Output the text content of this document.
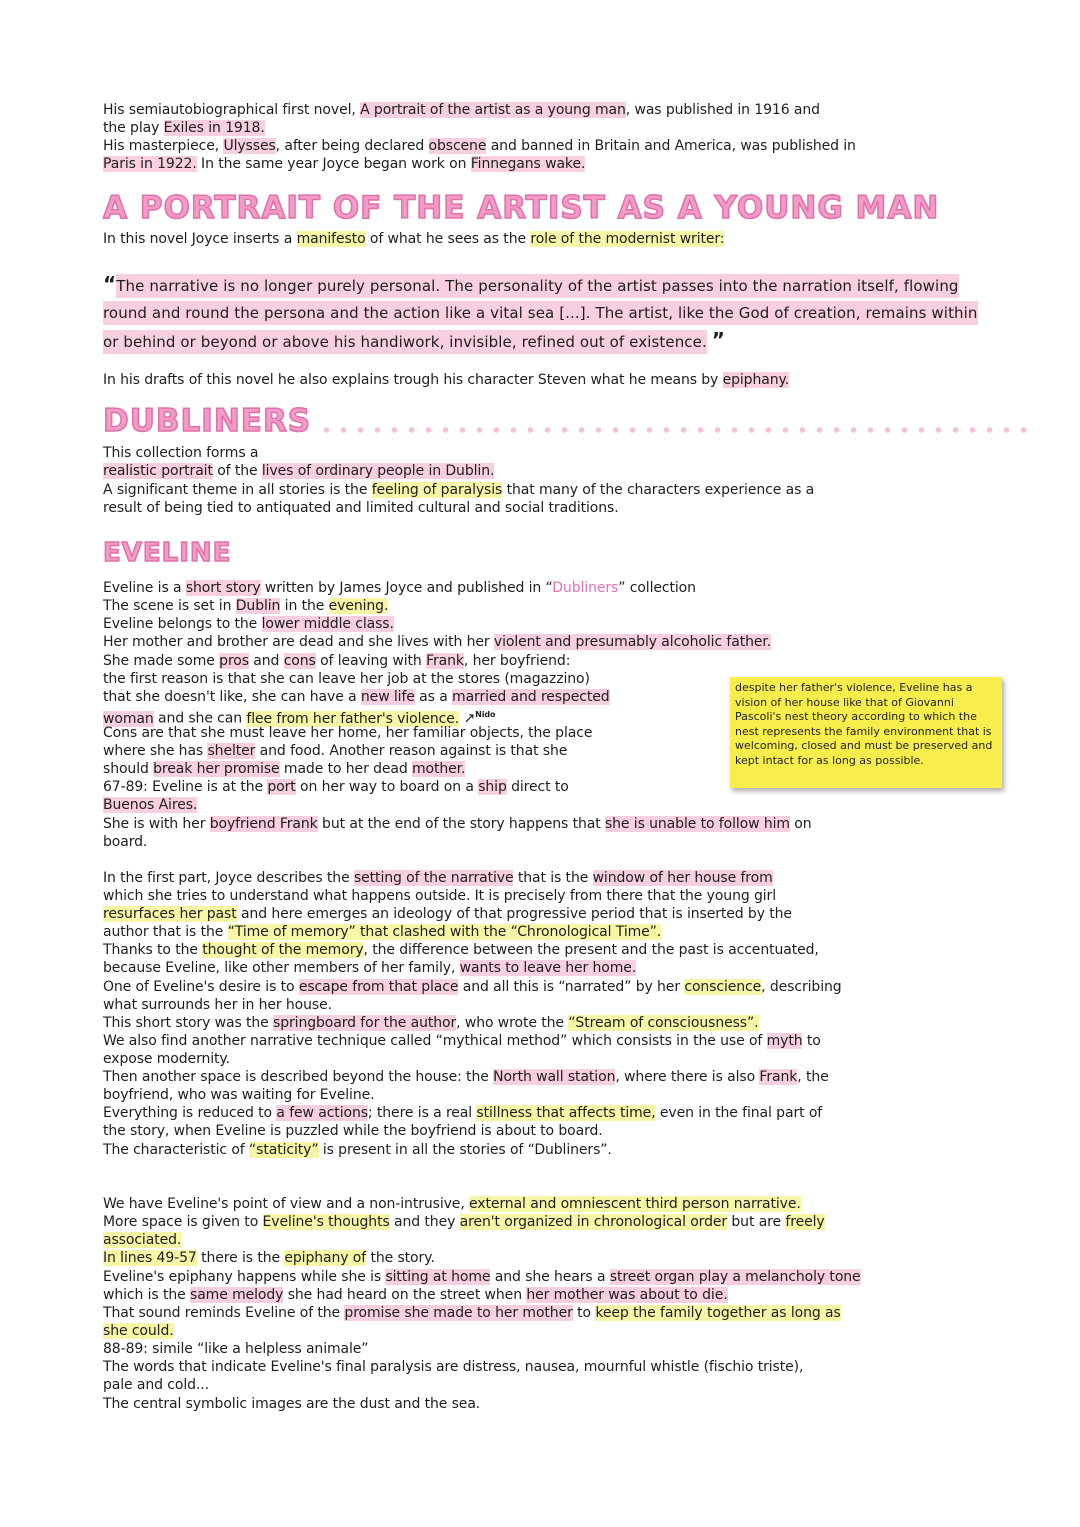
His semiautobiographical first novel, A portrait of the artist as a young man, was published in 1916 and

the play Exiles in 1918.

His masterpiece, Ulysses, after being declared obscene and banned in Britain and America, was published in

Paris in 1922. In the same year Joyce began work on Finnegans wake.

A PORTRAIT OF THE ARTIST AS A YOUNG MAN

In this novel Joyce inserts a manifesto of what he sees as the role of the modernist writer:

“The narrative is no longer purely personal. The personality of the artist passes into the narration itself, flowing round and round the persona and the action like a vital sea [...]. The artist, like the God of creation, remains within or behind or beyond or above his handiwork, invisible, refined out of existence. ”

In his drafts of this novel he also explains trough his character Steven what he means by epiphany.

DUBLINERS

This collection forms a

realistic portrait of the lives of ordinary people in Dublin.

A significant theme in all stories is the feeling of paralysis that many of the characters experience as a

result of being tied to antiquated and limited cultural and social traditions.

EVELINE

Eveline is a short story written by James Joyce and published in “Dubliners” collection

The scene is set in Dublin in the evening.

Eveline belongs to the lower middle class.

Her mother and brother are dead and she lives with her violent and presumably alcoholic father.

She made some pros and cons of leaving with Frank, her boyfriend:

the first reason is that she can leave her job at the stores (magazzino)

that she doesn't like, she can have a new life as a married and respected

woman and she can flee from her father's violence. ↗$^{Nido}$

Cons are that she must leave her home, her familiar objects, the place

where she has shelter and food. Another reason against is that she

should break her promise made to her dead mother.

67-89: Eveline is at the port on her way to board on a ship direct to

Buenos Aires.

She is with her boyfriend Frank but at the end of the story happens that she is unable to follow him on

board.

despite her father's violence, Eveline has a vision of her house like that of Giovanni Pascoli's nest theory according to which the nest represents the family environment that is welcoming, closed and must be preserved and kept intact for as long as possible.

In the first part, Joyce describes the setting of the narrative that is the window of her house from

which she tries to understand what happens outside. It is precisely from there that the young girl

resurfaces her past and here emerges an ideology of that progressive period that is inserted by the

author that is the “Time of memory” that clashed with the “Chronological Time”.

Thanks to the thought of the memory, the difference between the present and the past is accentuated,

because Eveline, like other members of her family, wants to leave her home.

One of Eveline's desire is to escape from that place and all this is “narrated” by her conscience, describing

what surrounds her in her house.

This short story was the springboard for the author, who wrote the “Stream of consciousness”.

We also find another narrative technique called “mythical method” which consists in the use of myth to

expose modernity.

Then another space is described beyond the house: the North wall station, where there is also Frank, the

boyfriend, who was waiting for Eveline.

Everything is reduced to a few actions; there is a real stillness that affects time, even in the final part of

the story, when Eveline is puzzled while the boyfriend is about to board.

The characteristic of “staticity” is present in all the stories of “Dubliners”.

We have Eveline's point of view and a non-intrusive, external and omniescent third person narrative.

More space is given to Eveline's thoughts and they aren't organized in chronological order but are freely

associated.

In lines 49-57 there is the epiphany of the story.

Eveline's epiphany happens while she is sitting at home and she hears a street organ play a melancholy tone

which is the same melody she had heard on the street when her mother was about to die.

That sound reminds Eveline of the promise she made to her mother to keep the family together as long as

she could.

88-89: simile “like a helpless animale”

The words that indicate Eveline's final paralysis are distress, nausea, mournful whistle (fischio triste),

pale and cold...

The central symbolic images are the dust and the sea.
